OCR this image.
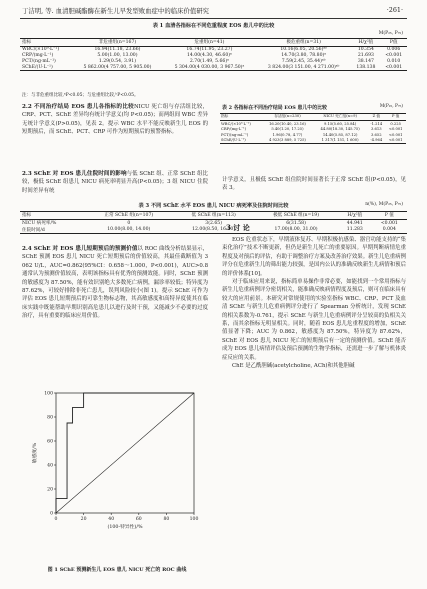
丁洁明, 等. 血清胆碱酯酶在新生儿早发型败血症中的临床价值研究	·261·
表 1 血清各指标在不同危重程度 EOS 患儿中的比较
M(P₂₅, P₇₅)
指标	非危重组(n=167)	危重组(n=41)	极危重组(n=31)	H/χ²值	P值
WBC/(×10⁹·L⁻¹)	16.94(11.18, 23.66)	16.74(11.95, 23.27)	10.16(6.05, 20.56)ᵃᵇ	10.354	0.006
CRP/(mg·L⁻¹)	5.00(1.00, 13.00)	14.00(4.30, 46.60)ᵃ	14.70(3.80, 78.80)ᵃ	21.693	<0.001
PCT/(ng·mL⁻¹)	1.29(0.54, 3.91)	2.70(1.49, 5.66)ᵃ	7.59(2.45, 35.44)ᵃᵇ	38.147	0.010
SChE/(U·L⁻¹)	5 862.00(4 757.00, 5 905.00)	5 304.00(4 030.00, 3 967.50)ᵃ	3 824.00(3 151.00, 4 271.00)ᵃᵇ	138.138	<0.001
注：与非危重组比较,ᵃP<0.05；与危重组比较,ᵇP<0.05。

2.2 不同治疗结局 EOS 患儿各指标的比较NICU 死亡组与存活组比较，CRP、PCT、SChE 差异均有统计学意义(均 P<0.05)；而两组间 WBC 差异无统计学意义(P>0.05)，见表 2。提示 WBC 水平不能反映新生儿 EOS 的短期预后，而 SChE、PCT、CRP 可作为短期预后的预警指标。

2.3 SChE 对 EOS 患儿住院时间的影响与低 SChE 组、正常 SChE 组比较，极低 SChE 组患儿 NICU 病死率明显升高(P<0.05)；3 组 NICU 住院时间差异有统

表 2 各指标在不同治疗结局 EOS 患儿中的比较	M(P₂₅, P₇₅)
指标	存活组(n=230)	NICU 死亡组(n=9)	Z 值	P 值
WBC/(×10⁹·L⁻¹)	16.20(10.40, 23.16)	9.15(5.60, 25.84)	-1.214	0.225
CRP/(mg·L⁻¹)	5.40(1.20, 17.25)	44.80(18.30, 145.75)	3.613	<0.001
PCT/(ng·mL⁻¹)	1.96(0.78, 4.77)	14.40(5.85, 87.12)	3.652	<0.001
SChE/(U·L⁻¹)	4 923(3 889, 5 725)	1 317(1 151, 1 600)	-4.964	<0.001

计学意义，且极低 SChE 组住院时间显著长于正常 SChE 组(P<0.05)，见表 3。

表 3 不同 SChE 水平 EOS 患儿 NICU 病死率及住院时间比较	n(%), M(P₂₅, P₇₅)
指标	正常 SChE 组(n=107)	低 SChE 组(n=113)	极低 SChE 组(n=19)	H/χ²值	P 值
NICU 病死率/%	0	3(2.65)	6(31.58)	44.941	<0.001
住院时间/d	10.00(8.00, 14.00)	12.00(8.50, 16.00)	17.00(8.00, 31.00)	11.283	0.004

2.4 SChE 对 EOS 患儿短期预后的预测价值以 ROC 曲线分析结果显示，SChE 预测 EOS 患儿 NICU 死亡短期预后的价值较高，其最佳截断值为 3 062 U/L，AUC=0.862(95%CI：0.658～1.000，P<0.001)，AUC>0.8 通常认为预测价值较高，表明该指标具有优秀的预测效能。同时，SChE 预测的敏感度为 87.50%，能有效识别绝大多数死亡病例，漏诊率较低；特异度为 87.62%，可较好排除非死亡患儿，误判风险较小(图 1)。提示 SChE 可作为评估 EOS 患儿短期预后的可靠生物标志物，其高敏感度和高特异度使其在临床实践中既能帮助早期识别高危患儿以进行及时干预，又能减少不必要的过度治疗，具有重要的临床应用价值。

100
80
60
40
20
0
0	20	40	60	80	100
敏感度/%
(100-特异性)/%
图 1 SChE 预测新生儿 EOS 患儿 NICU 死亡的 ROC 曲线
3 讨 论

EOS 危重状态下，早期液体复苏、早期积极抗感染、器官功能支持的“集束化治疗”技术不断更新，但仍是新生儿死亡的重要原因。早期判断病情危重程度及对预后的评估，有助于调整治疗方案及改善治疗效果。新生儿危重病例评分在危重新生儿的筛出能力较强，是国内公认的准确反映新生儿病情和预后的评价体系[10]。

对于临床应用来说，指标简单易操作非常必要，如能找到一个常用指标与新生儿危重病例评分密切相关，能准确反映病情程度及预后，则可在临床具有较大的应用前景。本研究对常规使用的实验室指标 WBC、CRP、PCT 及血清 SChE 与新生儿危重病例评分进行了 Spearman 分析统计，发现 SChE 的相关系数为-0.761，提示 SChE 与新生儿危重病例评分呈较高的负相关关系，而其余指标无明显相关。同时，随着 EOS 患儿危重程度的增加，SChE 值显著下降；AUC 为 0.862，敏感度为 87.50%，特异度为 87.62%，SChE 对 EOS 患儿 NICU 死亡的短期预后有一定的预测价值。SChE 能否成为 EOS 患儿病情评估及预后预测的生物学指标，还需进一步了解与机体炎症反应的关系。

ChE 是乙酰胆碱(acetylcholine, ACh)和其他胆碱
